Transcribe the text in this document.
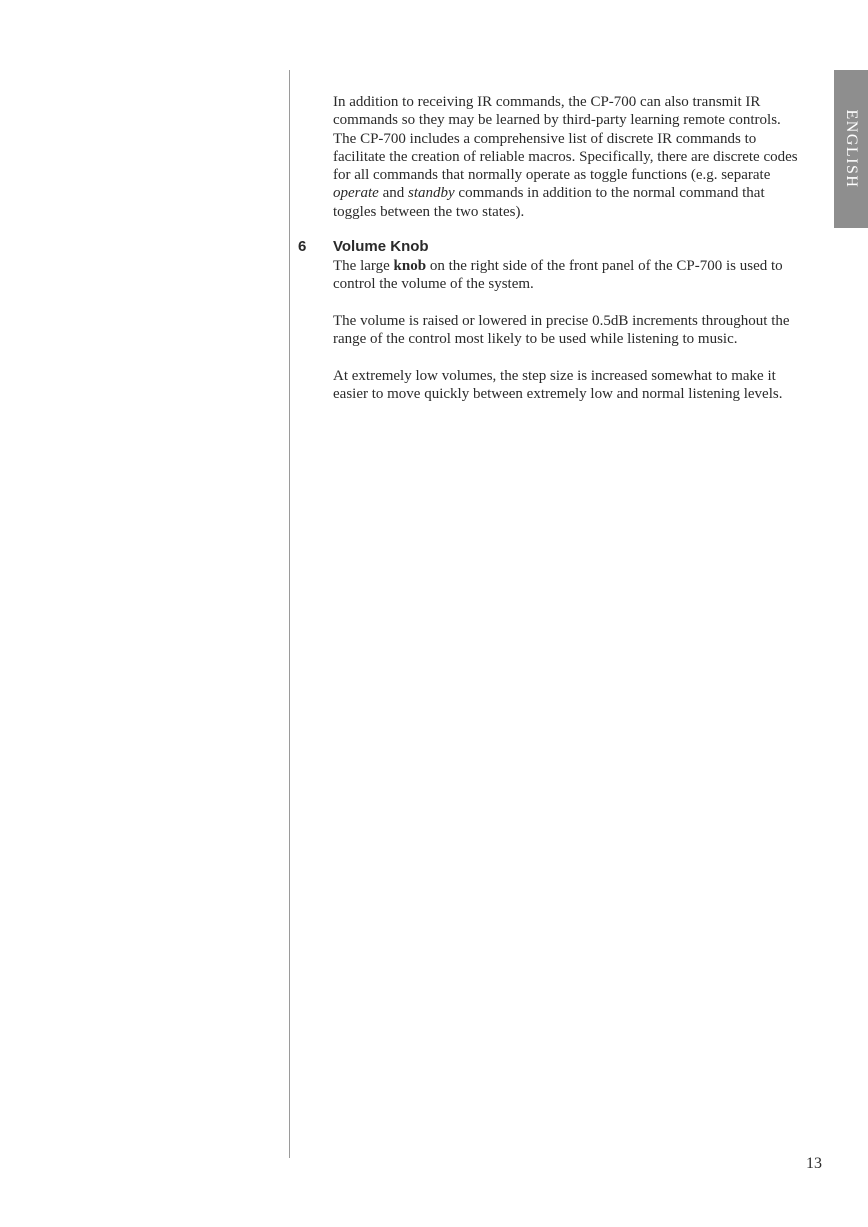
ENGLISH

In addition to receiving IR commands, the CP-700 can also transmit IR commands so they may be learned by third-party learning remote controls. The CP-700 includes a comprehensive list of discrete IR commands to facilitate the creation of reliable macros. Specifically, there are discrete codes for all commands that normally operate as toggle functions (e.g. separate operate and standby commands in addition to the normal command that toggles between the two states).

6 Volume Knob

The large knob on the right side of the front panel of the CP-700 is used to control the volume of the system.

The volume is raised or lowered in precise 0.5dB increments throughout the range of the control most likely to be used while listening to music.

At extremely low volumes, the step size is increased somewhat to make it easier to move quickly between extremely low and normal listening levels.

13
